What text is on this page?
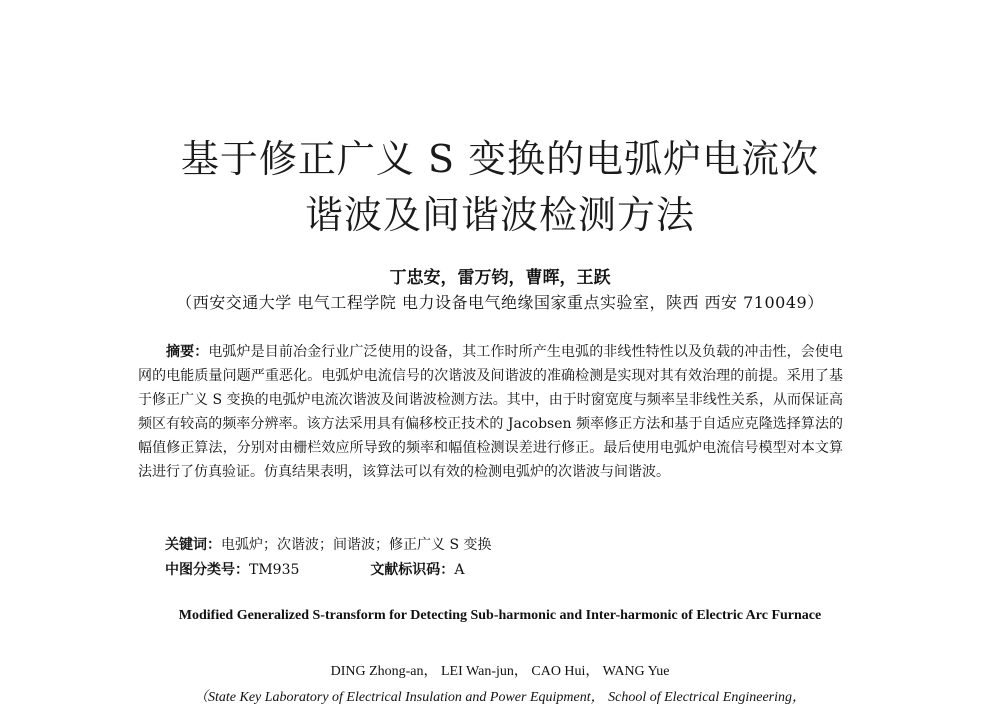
基于修正广义 S 变换的电弧炉电流次
谐波及间谐波检测方法
丁忠安，雷万钧，曹晖，王跃
（西安交通大学 电气工程学院 电力设备电气绝缘国家重点实验室，陕西 西安 710049）
摘要：电弧炉是目前冶金行业广泛使用的设备，其工作时所产生电弧的非线性特性以及负载的冲击性，会使电网的电能质量问题严重恶化。电弧炉电流信号的次谐波及间谐波的准确检测是实现对其有效治理的前提。采用了基于修正广义 S 变换的电弧炉电流次谐波及间谐波检测方法。其中，由于时窗宽度与频率呈非线性关系，从而保证高频区有较高的频率分辨率。该方法采用具有偏移校正技术的 Jacobsen 频率修正方法和基于自适应克隆选择算法的幅值修正算法，分别对由栅栏效应所导致的频率和幅值检测误差进行修正。最后使用电弧炉电流信号模型对本文算法进行了仿真验证。仿真结果表明，该算法可以有效的检测电弧炉的次谐波与间谐波。
关键词：电弧炉；次谐波；间谐波；修正广义 S 变换
中图分类号：TM935	文献标识码：A
Modified Generalized S-transform for Detecting Sub-harmonic and Inter-harmonic of Electric Arc Furnace
DING Zhong-an， LEI Wan-jun， CAO Hui， WANG Yue
（State Key Laboratory of Electrical Insulation and Power Equipment， School of Electrical Engineering，
